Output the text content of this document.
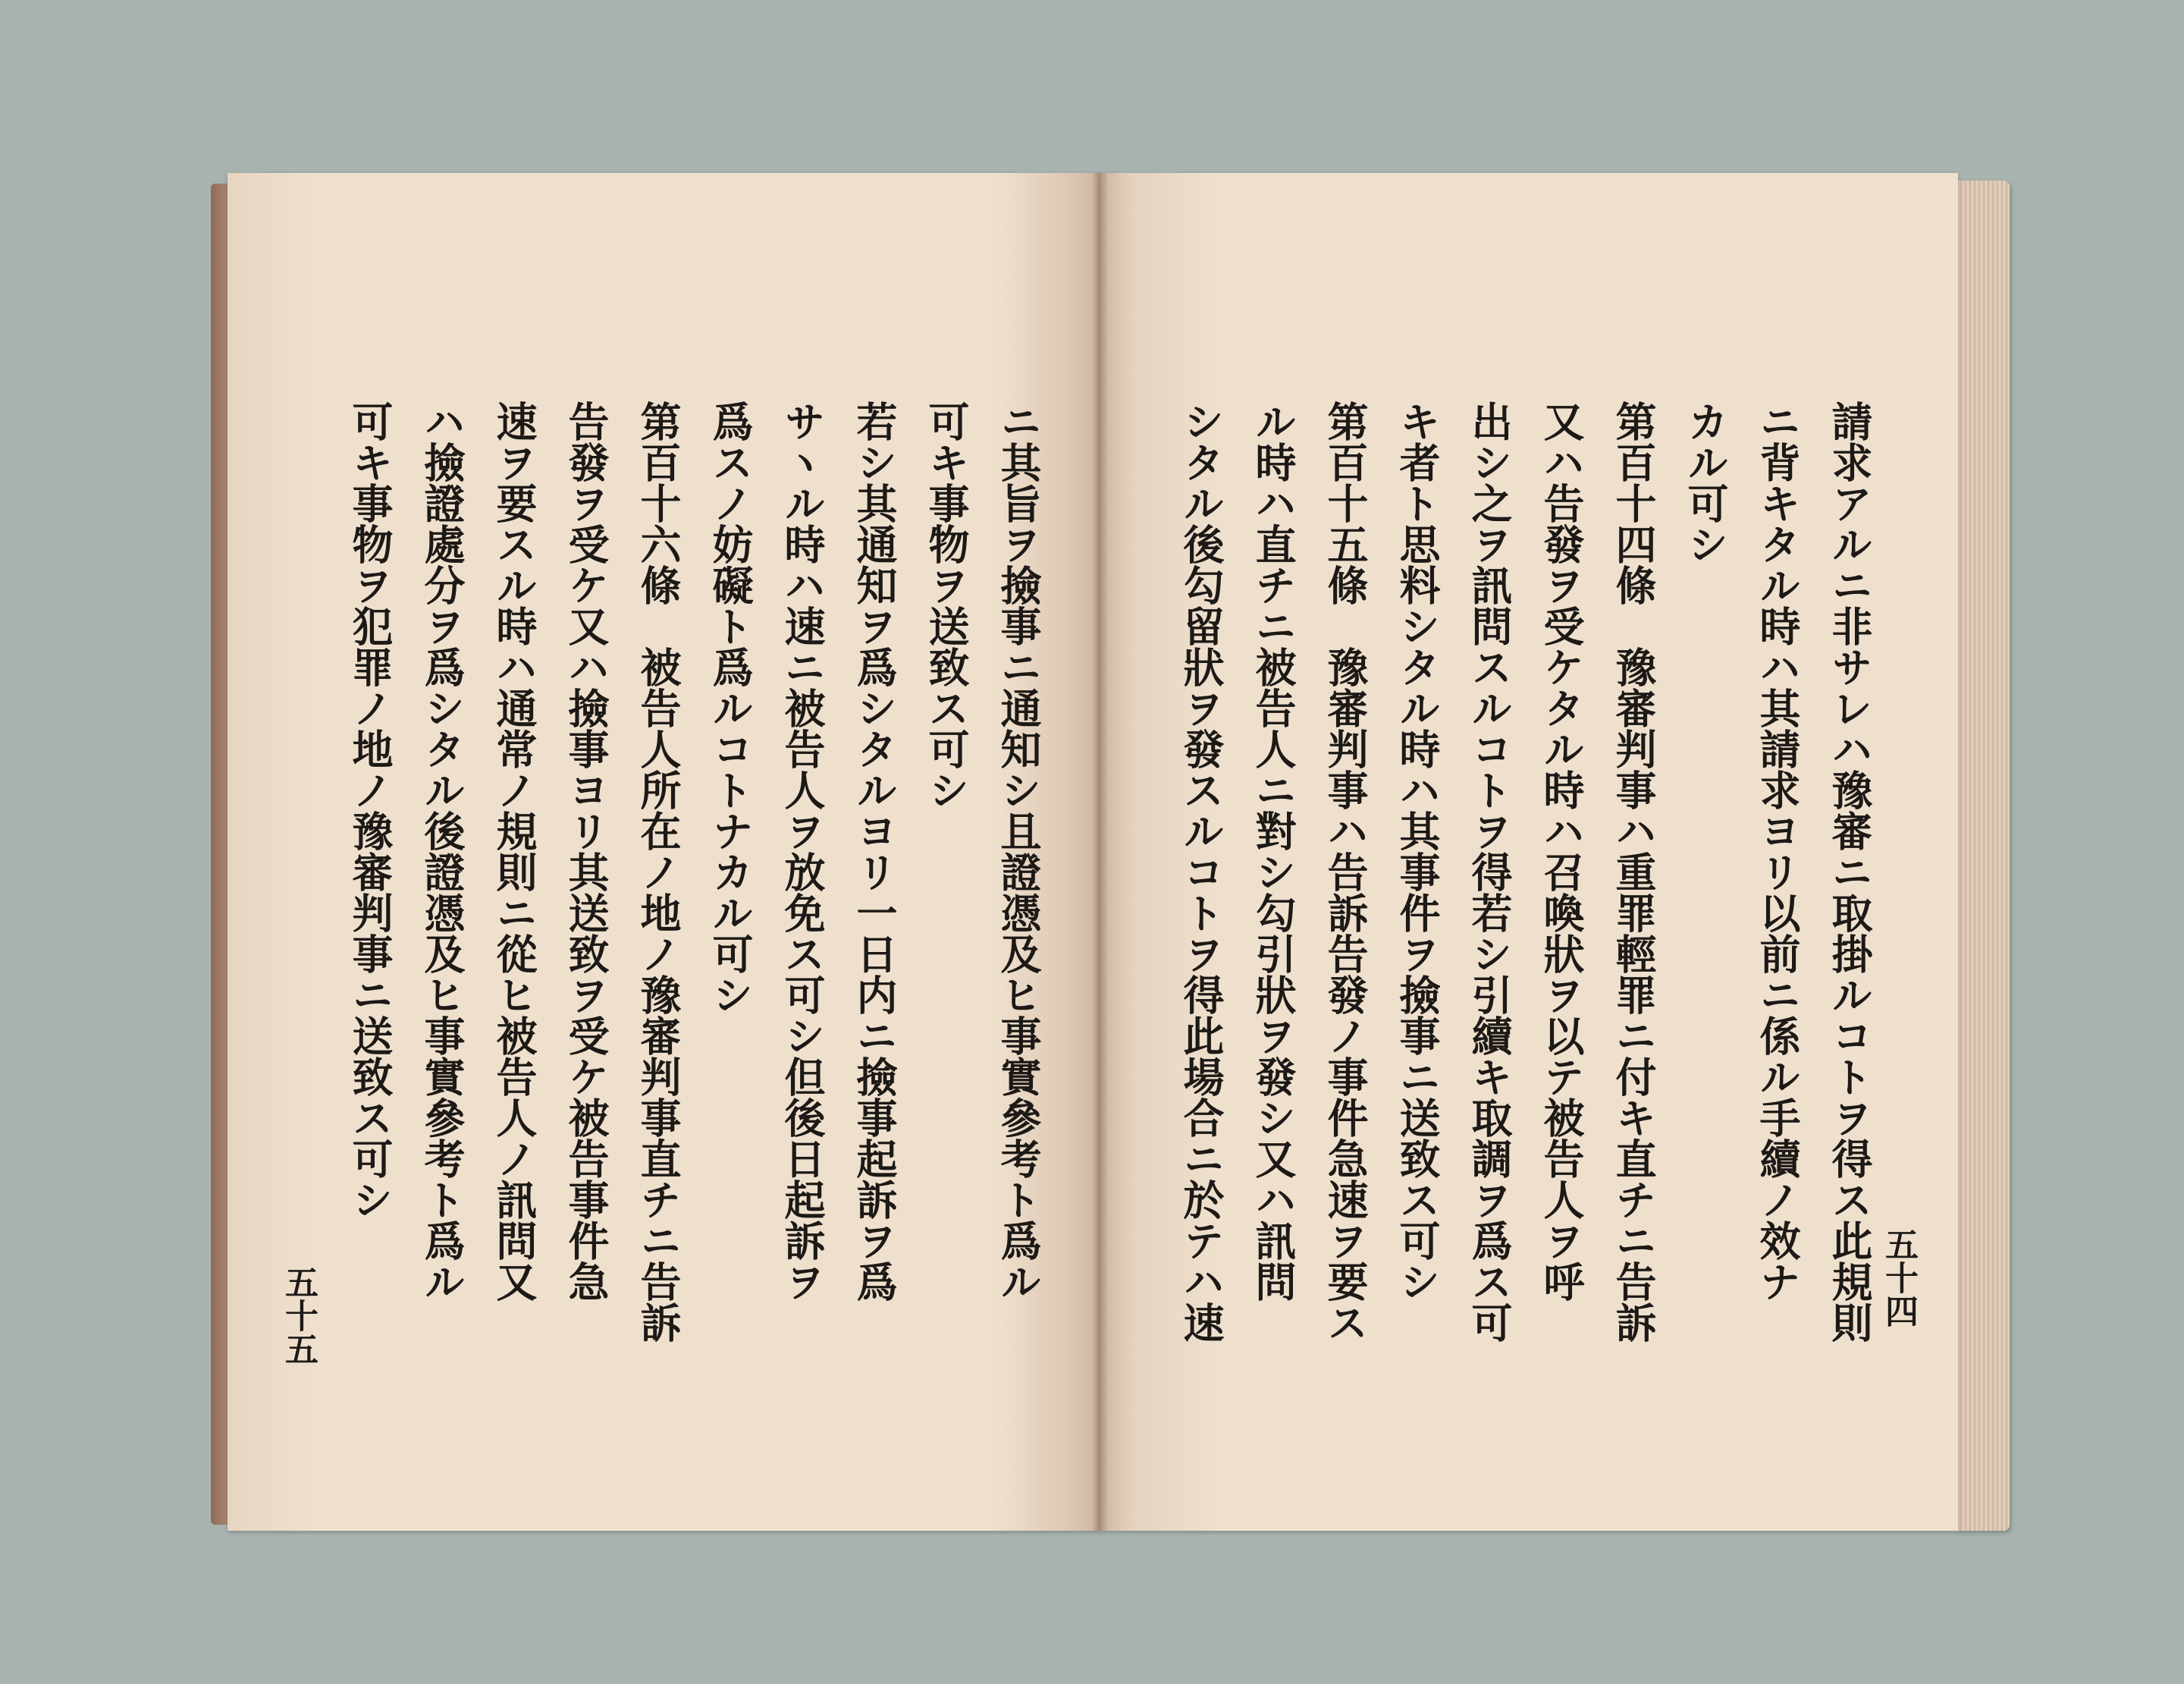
ニ其旨ヲ撿事ニ通知シ且證憑及ヒ事實參考ト爲ル
可キ事物ヲ送致ス可シ
若シ其通知ヲ爲シタルヨリ一日内ニ撿事起訴ヲ爲
サヽル時ハ速ニ被告人ヲ放免ス可シ但後日起訴ヲ
爲スノ妨礙ト爲ルコトナカル可シ
第百十六條　被告人所在ノ地ノ豫審判事直チニ告訴
告發ヲ受ケ又ハ撿事ヨリ其送致ヲ受ケ被告事件急
速ヲ要スル時ハ通常ノ規則ニ從ヒ被告人ノ訊問又
ハ撿證處分ヲ爲シタル後證憑及ヒ事實參考ト爲ル
可キ事物ヲ犯罪ノ地ノ豫審判事ニ送致ス可シ
五十五	請求アルニ非サレハ豫審ニ取掛ルコトヲ得ス此規則
ニ背キタル時ハ其請求ヨリ以前ニ係ル手續ノ效ナ
カル可シ
第百十四條　豫審判事ハ重罪輕罪ニ付キ直チニ告訴
又ハ告發ヲ受ケタル時ハ召喚狀ヲ以テ被告人ヲ呼
出シ之ヲ訊問スルコトヲ得若シ引續キ取調ヲ爲ス可
キ者ト思料シタル時ハ其事件ヲ撿事ニ送致ス可シ
第百十五條　豫審判事ハ告訴告發ノ事件急速ヲ要ス
ル時ハ直チニ被告人ニ對シ勾引狀ヲ發シ又ハ訊問
シタル後勾留狀ヲ發スルコトヲ得此場合ニ於テハ速	五十四
